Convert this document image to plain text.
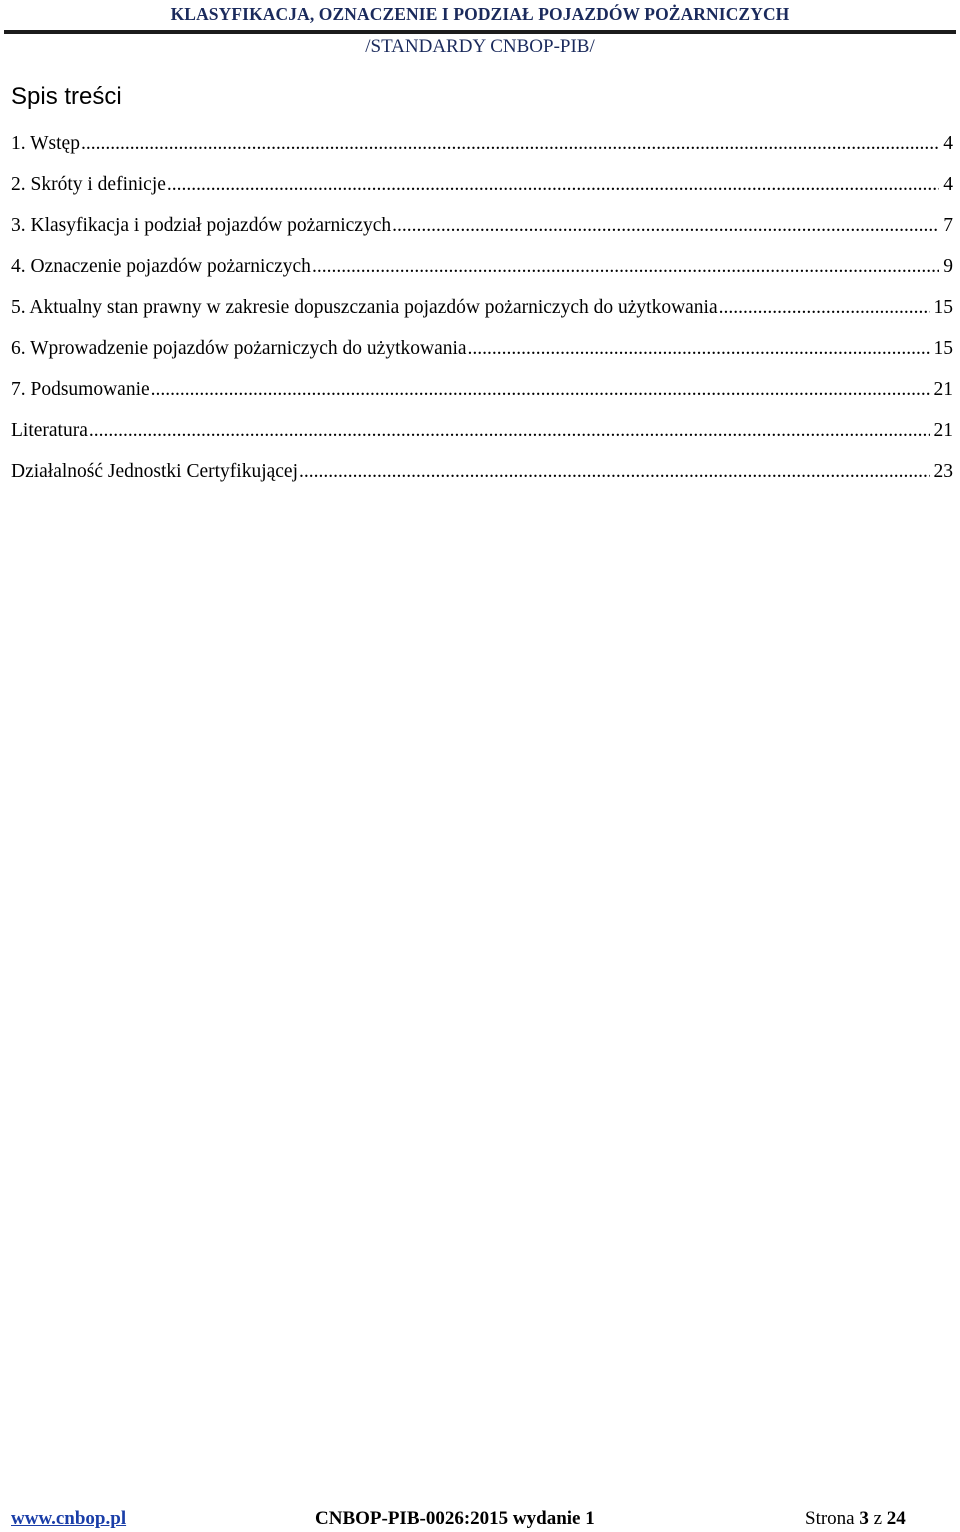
KLASYFIKACJA, OZNACZENIE I PODZIAŁ POJAZDÓW POŻARNICZYCH
/STANDARDY CNBOP-PIB/
Spis treści
1. Wstęp .....	4
2. Skróty i definicje .....	4
3. Klasyfikacja i podział pojazdów pożarniczych .....	7
4. Oznaczenie pojazdów pożarniczych .....	9
5. Aktualny stan prawny w zakresie dopuszczania pojazdów pożarniczych do użytkowania .....	15
6. Wprowadzenie pojazdów pożarniczych do użytkowania .....	15
7. Podsumowanie .....	21
Literatura .....	21
Działalność Jednostki Certyfikującej .....	23
www.cnbop.pl	CNBOP-PIB-0026:2015 wydanie 1	Strona 3 z 24
